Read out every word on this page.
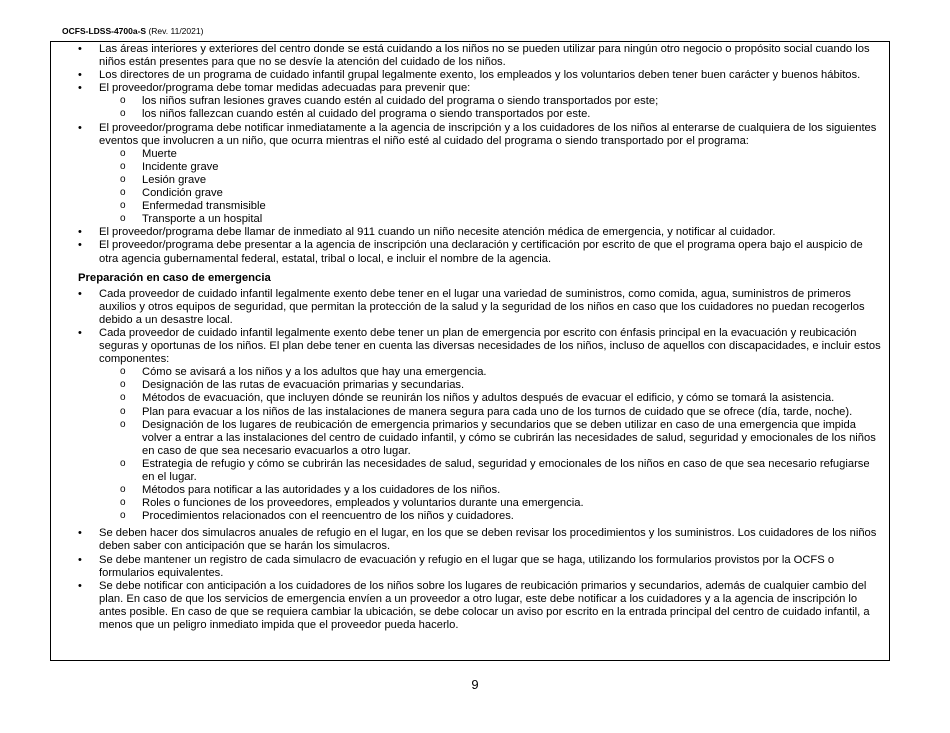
OCFS-LDSS-4700a-S (Rev. 11/2021)
• Las áreas interiores y exteriores del centro donde se está cuidando a los niños no se pueden utilizar para ningún otro negocio o propósito social cuando los niños están presentes para que no se desvíe la atención del cuidado de los niños.
• Los directores de un programa de cuidado infantil grupal legalmente exento, los empleados y los voluntarios deben tener buen carácter y buenos hábitos.
• El proveedor/programa debe tomar medidas adecuadas para prevenir que:
o los niños sufran lesiones graves cuando estén al cuidado del programa o siendo transportados por este;
o los niños fallezcan cuando estén al cuidado del programa o siendo transportados por este.
• El proveedor/programa debe notificar inmediatamente a la agencia de inscripción y a los cuidadores de los niños al enterarse de cualquiera de los siguientes eventos que involucren a un niño, que ocurra mientras el niño esté al cuidado del programa o siendo transportado por el programa:
o Muerte
o Incidente grave
o Lesión grave
o Condición grave
o Enfermedad transmisible
o Transporte a un hospital
• El proveedor/programa debe llamar de inmediato al 911 cuando un niño necesite atención médica de emergencia, y notificar al cuidador.
• El proveedor/programa debe presentar a la agencia de inscripción una declaración y certificación por escrito de que el programa opera bajo el auspicio de otra agencia gubernamental federal, estatal, tribal o local, e incluir el nombre de la agencia.
Preparación en caso de emergencia
• Cada proveedor de cuidado infantil legalmente exento debe tener en el lugar una variedad de suministros, como comida, agua, suministros de primeros auxilios y otros equipos de seguridad, que permitan la protección de la salud y la seguridad de los niños en caso que los cuidadores no puedan recogerlos debido a un desastre local.
• Cada proveedor de cuidado infantil legalmente exento debe tener un plan de emergencia por escrito con énfasis principal en la evacuación y reubicación seguras y oportunas de los niños. El plan debe tener en cuenta las diversas necesidades de los niños, incluso de aquellos con discapacidades, e incluir estos componentes:
o Cómo se avisará a los niños y a los adultos que hay una emergencia.
o Designación de las rutas de evacuación primarias y secundarias.
o Métodos de evacuación, que incluyen dónde se reunirán los niños y adultos después de evacuar el edificio, y cómo se tomará la asistencia.
o Plan para evacuar a los niños de las instalaciones de manera segura para cada uno de los turnos de cuidado que se ofrece (día, tarde, noche).
o Designación de los lugares de reubicación de emergencia primarios y secundarios que se deben utilizar en caso de una emergencia que impida volver a entrar a las instalaciones del centro de cuidado infantil, y cómo se cubrirán las necesidades de salud, seguridad y emocionales de los niños en caso de que sea necesario evacuarlos a otro lugar.
o Estrategia de refugio y cómo se cubrirán las necesidades de salud, seguridad y emocionales de los niños en caso de que sea necesario refugiarse en el lugar.
o Métodos para notificar a las autoridades y a los cuidadores de los niños.
o Roles o funciones de los proveedores, empleados y voluntarios durante una emergencia.
o Procedimientos relacionados con el reencuentro de los niños y cuidadores.
• Se deben hacer dos simulacros anuales de refugio en el lugar, en los que se deben revisar los procedimientos y los suministros. Los cuidadores de los niños deben saber con anticipación que se harán los simulacros.
• Se debe mantener un registro de cada simulacro de evacuación y refugio en el lugar que se haga, utilizando los formularios provistos por la OCFS o formularios equivalentes.
• Se debe notificar con anticipación a los cuidadores de los niños sobre los lugares de reubicación primarios y secundarios, además de cualquier cambio del plan. En caso de que los servicios de emergencia envíen a un proveedor a otro lugar, este debe notificar a los cuidadores y a la agencia de inscripción lo antes posible. En caso de que se requiera cambiar la ubicación, se debe colocar un aviso por escrito en la entrada principal del centro de cuidado infantil, a menos que un peligro inmediato impida que el proveedor pueda hacerlo.
9
